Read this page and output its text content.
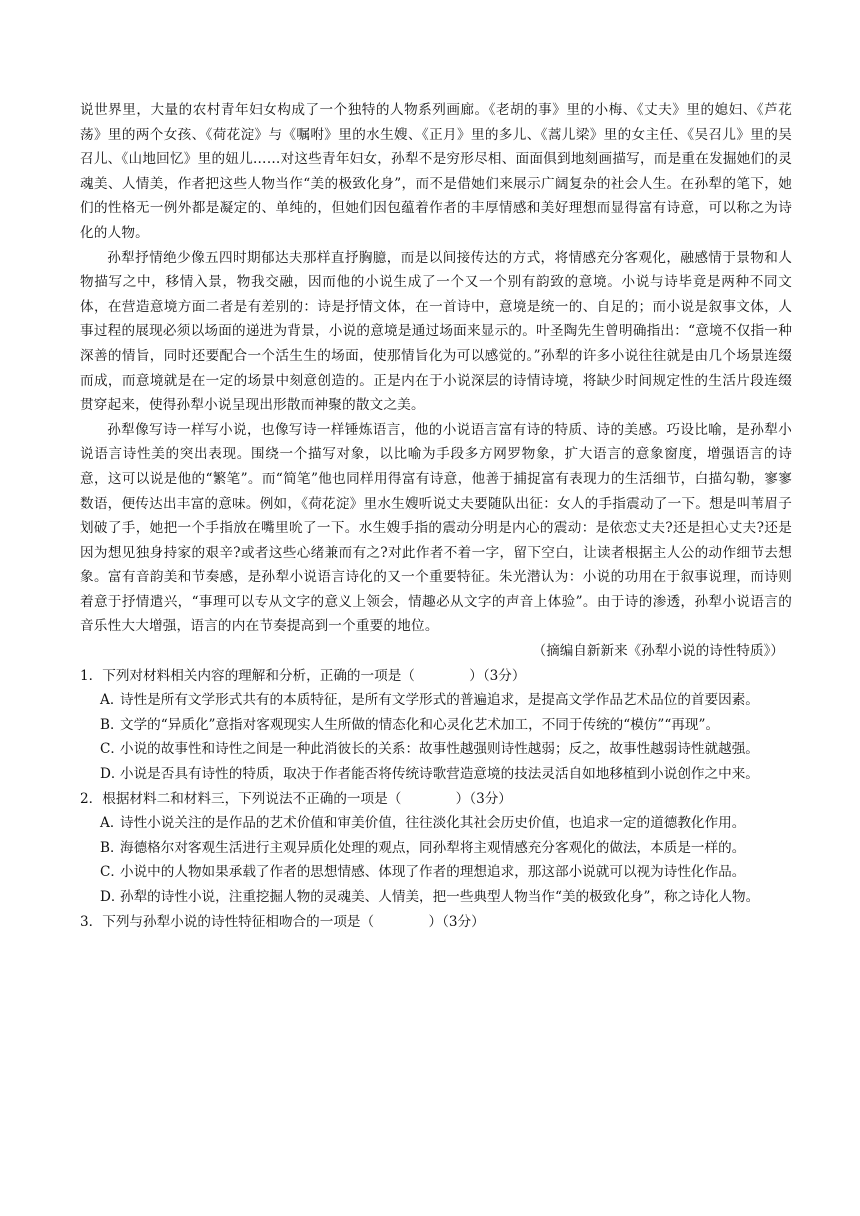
说世界里，大量的农村青年妇女构成了一个独特的人物系列画廊。《老胡的事》里的小梅、《丈夫》里的媳妇、《芦花荡》里的两个女孩、《荷花淀》与《嘱咐》里的水生嫂、《正月》里的多儿、《蒿儿梁》里的女主任、《吴召儿》里的吴召儿、《山地回忆》里的妞儿……对这些青年妇女，孙犁不是穷形尽相、面面俱到地刻画描写，而是重在发掘她们的灵魂美、人情美，作者把这些人物当作“美的极致化身”，而不是借她们来展示广阔复杂的社会人生。在孙犁的笔下，她们的性格无一例外都是凝定的、单纯的，但她们因包蕴着作者的丰厚情感和美好理想而显得富有诗意，可以称之为诗化的人物。

孙犁抒情绝少像五四时期郁达夫那样直抒胸臆，而是以间接传达的方式，将情感充分客观化，融感情于景物和人物描写之中，移情入景，物我交融，因而他的小说生成了一个又一个别有韵致的意境。小说与诗毕竟是两种不同文体，在营造意境方面二者是有差别的：诗是抒情文体，在一首诗中，意境是统一的、自足的；而小说是叙事文体，人事过程的展现必须以场面的递进为背景，小说的意境是通过场面来显示的。叶圣陶先生曾明确指出：“意境不仅指一种深善的情旨，同时还要配合一个活生生的场面，使那情旨化为可以感觉的。”孙犁的许多小说往往就是由几个场景连缀而成，而意境就是在一定的场景中刻意创造的。正是内在于小说深层的诗情诗境，将缺少时间规定性的生活片段连缀贯穿起来，使得孙犁小说呈现出形散而神聚的散文之美。

孙犁像写诗一样写小说，也像写诗一样锤炼语言，他的小说语言富有诗的特质、诗的美感。巧设比喻，是孙犁小说语言诗性美的突出表现。围绕一个描写对象，以比喻为手段多方网罗物象，扩大语言的意象窗度，增强语言的诗意，这可以说是他的“繁笔”。而“简笔”他也同样用得富有诗意，他善于捕捉富有表现力的生活细节，白描勾勒，寥寥数语，便传达出丰富的意味。例如，《荷花淀》里水生嫂听说丈夫要随队出征：女人的手指震动了一下。想是叫苇眉子划破了手，她把一个手指放在嘴里吮了一下。水生嫂手指的震动分明是内心的震动：是依恋丈夫?还是担心丈夫?还是因为想见独身持家的艰辛?或者这些心绪兼而有之?对此作者不着一字，留下空白，让读者根据主人公的动作细节去想象。富有音韵美和节奏感，是孙犁小说语言诗化的又一个重要特征。朱光潜认为：小说的功用在于叙事说理，而诗则着意于抒情遣兴，“事理可以专从文字的意义上领会，情趣必从文字的声音上体验”。由于诗的渗透，孙犁小说语言的音乐性大大增强，语言的内在节奏提高到一个重要的地位。

（摘编自新新来《孙犁小说的诗性特质》）

1．下列对材料相关内容的理解和分析，正确的一项是（　　　　）（3分）

A．诗性是所有文学形式共有的本质特征，是所有文学形式的普遍追求，是提高文学作品艺术品位的首要因素。

B．文学的“异质化”意指对客观现实人生所做的情态化和心灵化艺术加工，不同于传统的“模仿”“再现”。

C．小说的故事性和诗性之间是一种此消彼长的关系：故事性越强则诗性越弱；反之，故事性越弱诗性就越强。

D．小说是否具有诗性的特质，取决于作者能否将传统诗歌营造意境的技法灵活自如地移植到小说创作之中来。

2．根据材料二和材料三，下列说法不正确的一项是（　　　　）（3分）

A．诗性小说关注的是作品的艺术价值和审美价值，往往淡化其社会历史价值，也追求一定的道德教化作用。

B．海德格尔对客观生活进行主观异质化处理的观点，同孙犁将主观情感充分客观化的做法，本质是一样的。

C．小说中的人物如果承载了作者的思想情感、体现了作者的理想追求，那这部小说就可以视为诗性化作品。

D．孙犁的诗性小说，注重挖掘人物的灵魂美、人情美，把一些典型人物当作“美的极致化身”，称之诗化人物。

3．下列与孙犁小说的诗性特征相吻合的一项是（　　　　）（3分）
